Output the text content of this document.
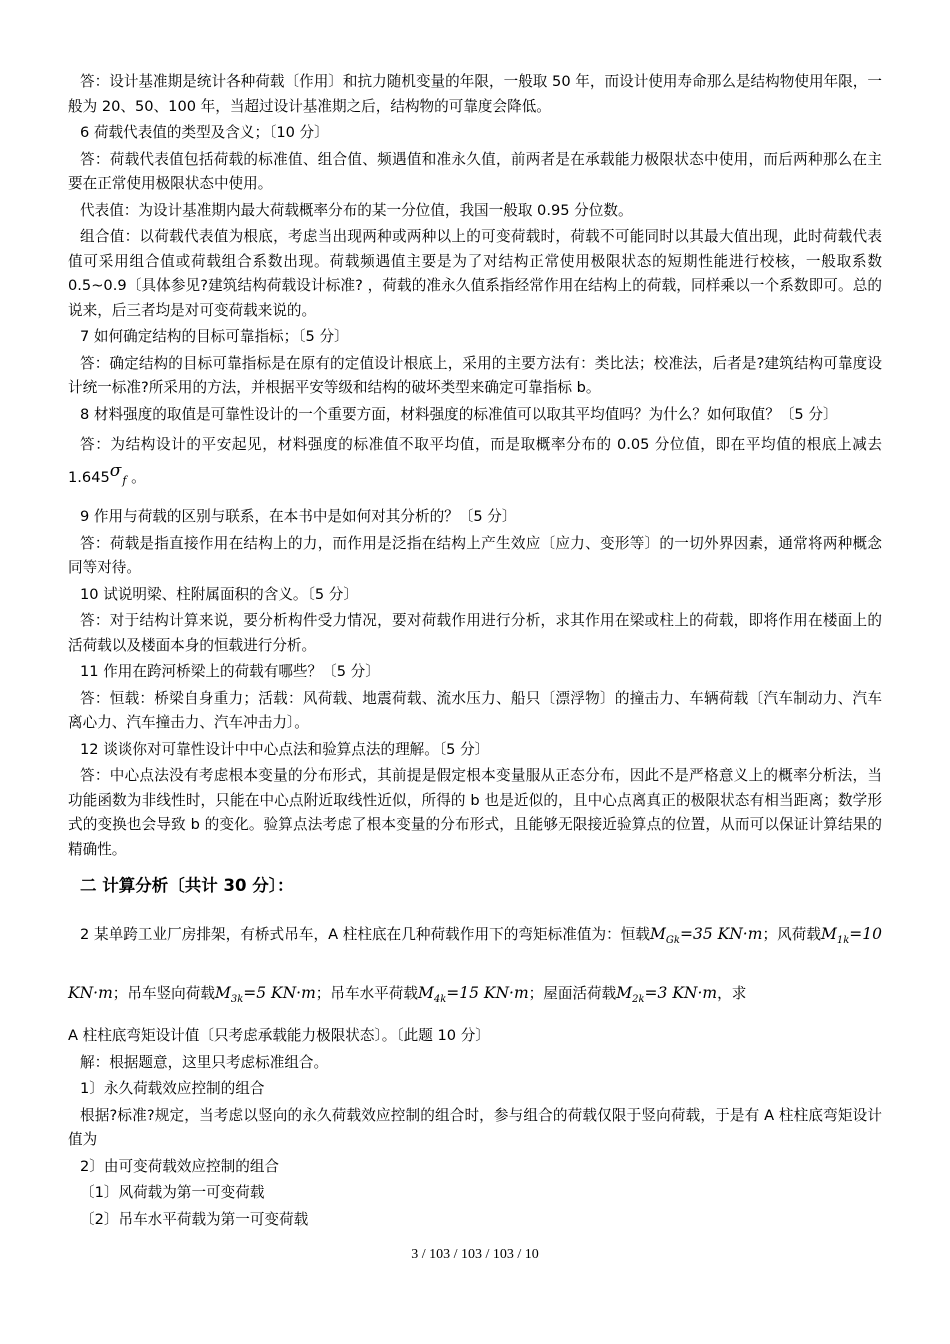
答：设计基准期是统计各种荷载〔作用〕和抗力随机变量的年限，一般取 50 年，而设计使用寿命那么是结构物使用年限，一般为 20、50、100 年，当超过设计基准期之后，结构物的可靠度会降低。

6 荷载代表值的类型及含义；〔10 分〕

答：荷载代表值包括荷载的标准值、组合值、频遇值和准永久值，前两者是在承载能力极限状态中使用，而后两种那么在主要在正常使用极限状态中使用。

代表值：为设计基准期内最大荷载概率分布的某一分位值，我国一般取 0.95 分位数。

组合值：以荷载代表值为根底，考虑当出现两种或两种以上的可变荷载时，荷载不可能同时以其最大值出现，此时荷载代表值可采用组合值或荷载组合系数出现。荷载频遇值主要是为了对结构正常使用极限状态的短期性能进行校核，一般取系数 0.5~0.9〔具体参见?建筑结构荷载设计标准? ，荷载的准永久值系指经常作用在结构上的荷载，同样乘以一个系数即可。总的说来，后三者均是对可变荷载来说的。

7 如何确定结构的目标可靠指标；〔5 分〕

答：确定结构的目标可靠指标是在原有的定值设计根底上，采用的主要方法有：类比法；校准法，后者是?建筑结构可靠度设计统一标准?所采用的方法，并根据平安等级和结构的破坏类型来确定可靠指标 b。

8 材料强度的取值是可靠性设计的一个重要方面，材料强度的标准值可以取其平均值吗？为什么？如何取值？〔5 分〕

答：为结构设计的平安起见，材料强度的标准值不取平均值，而是取概率分布的 0.05 分位值，即在平均值的根底上减去 1.645σf 。

9 作用与荷载的区别与联系，在本书中是如何对其分析的？〔5 分〕

答：荷载是指直接作用在结构上的力，而作用是泛指在结构上产生效应〔应力、变形等〕的一切外界因素，通常将两种概念同等对待。

10 试说明梁、柱附属面积的含义。〔5 分〕

答：对于结构计算来说，要分析构件受力情况，要对荷载作用进行分析，求其作用在梁或柱上的荷载，即将作用在楼面上的活荷载以及楼面本身的恒载进行分析。

11 作用在跨河桥梁上的荷载有哪些？〔5 分〕

答：恒载：桥梁自身重力；活载：风荷载、地震荷载、流水压力、船只〔漂浮物〕的撞击力、车辆荷载〔汽车制动力、汽车离心力、汽车撞击力、汽车冲击力〕。

12 谈谈你对可靠性设计中中心点法和验算点法的理解。〔5 分〕

答：中心点法没有考虑根本变量的分布形式，其前提是假定根本变量服从正态分布，因此不是严格意义上的概率分析法，当功能函数为非线性时，只能在中心点附近取线性近似，所得的 b 也是近似的，且中心点离真正的极限状态有相当距离；数学形式的变换也会导致 b 的变化。验算点法考虑了根本变量的分布形式，且能够无限接近验算点的位置，从而可以保证计算结果的精确性。

二 计算分析〔共计 30 分〕：

2 某单跨工业厂房排架，有桥式吊车，A 柱柱底在几种荷载作用下的弯矩标准值为：恒载$M_{Gk}=35$ KN·m；风荷载$M_{1k}=10$ KN·m；吊车竖向荷载$M_{3k}=5$ KN·m；吊车水平荷载$M_{4k}=15$ KN·m；屋面活荷载$M_{2k}=3$ KN·m，求

A 柱柱底弯矩设计值〔只考虑承载能力极限状态〕。〔此题 10 分〕

解：根据题意，这里只考虑标准组合。

1〕永久荷载效应控制的组合

根据?标准?规定，当考虑以竖向的永久荷载效应控制的组合时，参与组合的荷载仅限于竖向荷载，于是有 A 柱柱底弯矩设计值为

2〕由可变荷载效应控制的组合

〔1〕风荷载为第一可变荷载

〔2〕吊车水平荷载为第一可变荷载

3 / 103 / 103 / 103 / 10
